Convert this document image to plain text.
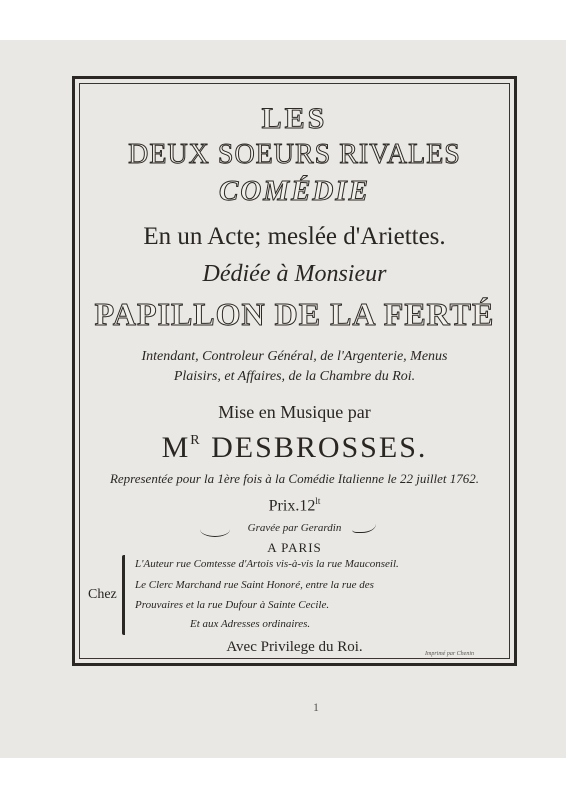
LES
DEUX SOEURS RIVALES
COMÉDIE
En un Acte; meslée d'Ariettes.
Dédiée à Monsieur
PAPILLON DE LA FERTÉ
Intendant, Controleur Général, de l'Argenterie, Menus
Plaisirs, et Affaires, de la Chambre du Roi.
Mise en Musique par
$M^R$ DESBROSSES.
Representée pour la 1ère fois à la Comédie Italienne le 22 juillet 1762.
$Prix.12^{lt}$
Gravée par Gerardin
A PARIS
Chez
L'Auteur rue Comtesse d'Artois vis-à-vis la rue Mauconseil.
Le Clerc Marchand rue Saint Honoré, entre la rue des
Prouvaires et la rue Dufour à Sainte Cecile.
Et aux Adresses ordinaires.
Avec Privilege du Roi.	Imprimé par Chenin
1
